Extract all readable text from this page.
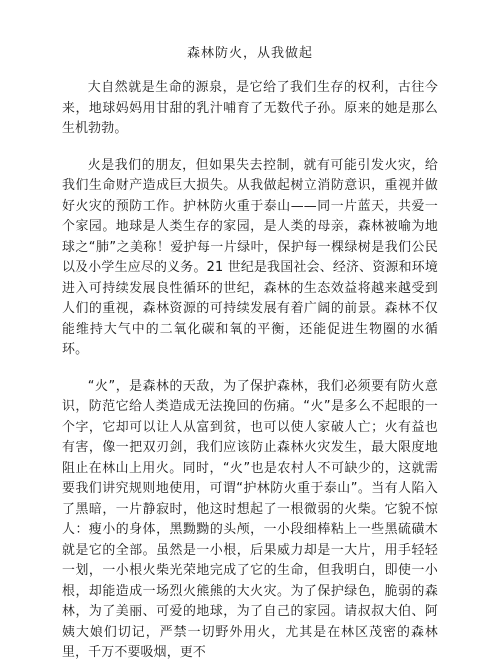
森林防火，从我做起

大自然就是生命的源泉，是它给了我们生存的权利，古往今来，地球妈妈用甘甜的乳汁哺育了无数代子孙。原来的她是那么生机勃勃。

火是我们的朋友，但如果失去控制，就有可能引发火灾，给我们生命财产造成巨大损失。从我做起树立消防意识，重视并做好火灾的预防工作。护林防火重于泰山——同一片蓝天，共爱一个家园。地球是人类生存的家园，是人类的母亲，森林被喻为地球之“肺”之美称！爱护每一片绿叶，保护每一棵绿树是我们公民以及小学生应尽的义务。21 世纪是我国社会、经济、资源和环境进入可持续发展良性循环的世纪，森林的生态效益将越来越受到人们的重视，森林资源的可持续发展有着广阔的前景。森林不仅能维持大气中的二氧化碳和氧的平衡，还能促进生物圈的水循环。

“火”，是森林的天敌，为了保护森林，我们必须要有防火意识，防范它给人类造成无法挽回的伤痛。“火”是多么不起眼的一个字，它却可以让人从富到贫，也可以使人家破人亡；火有益也有害，像一把双刃剑，我们应该防止森林火灾发生，最大限度地阻止在林山上用火。同时，“火”也是农村人不可缺少的，这就需要我们讲究规则地使用，可谓“护林防火重于泰山”。当有人陷入了黑暗，一片静寂时，他这时想起了一根微弱的火柴。它貌不惊人：瘦小的身体，黑黝黝的头颅，一小段细棒粘上一些黑硫磺木就是它的全部。虽然是一小根，后果威力却是一大片，用手轻轻一划，一小根火柴光荣地完成了它的生命，但我明白，即使一小根，却能造成一场烈火熊熊的大火灾。为了保护绿色，脆弱的森林，为了美丽、可爱的地球，为了自己的家园。请叔叔大伯、阿姨大娘们切记，严禁一切野外用火，尤其是在林区茂密的森林里，千万不要吸烟，更不
